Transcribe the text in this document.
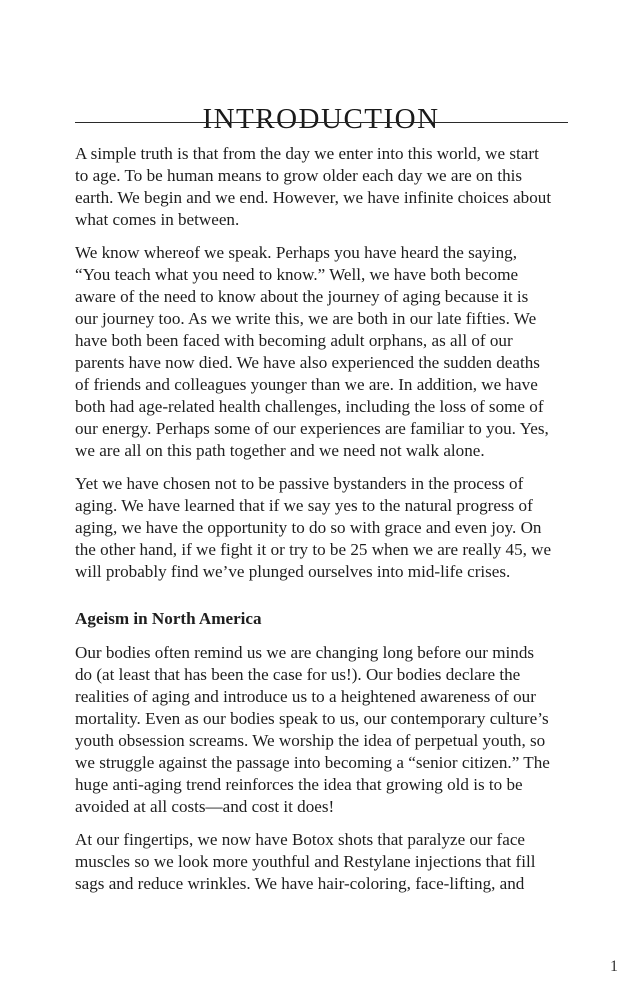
INTRODUCTION

A simple truth is that from the day we enter into this world, we start
to age. To be human means to grow older each day we are on this
earth. We begin and we end. However, we have infinite choices about
what comes in between.

We know whereof we speak. Perhaps you have heard the saying,
“You teach what you need to know.” Well, we have both become
aware of the need to know about the journey of aging because it is
our journey too. As we write this, we are both in our late fifties. We
have both been faced with becoming adult orphans, as all of our
parents have now died. We have also experienced the sudden deaths
of friends and colleagues younger than we are. In addition, we have
both had age-related health challenges, including the loss of some of
our energy. Perhaps some of our experiences are familiar to you. Yes,
we are all on this path together and we need not walk alone.

Yet we have chosen not to be passive bystanders in the process of
aging. We have learned that if we say yes to the natural progress of
aging, we have the opportunity to do so with grace and even joy. On
the other hand, if we fight it or try to be 25 when we are really 45, we
will probably find we’ve plunged ourselves into mid-life crises.

Ageism in North America

Our bodies often remind us we are changing long before our minds
do (at least that has been the case for us!). Our bodies declare the
realities of aging and introduce us to a heightened awareness of our
mortality. Even as our bodies speak to us, our contemporary culture’s
youth obsession screams. We worship the idea of perpetual youth, so
we struggle against the passage into becoming a “senior citizen.” The
huge anti-aging trend reinforces the idea that growing old is to be
avoided at all costs—and cost it does!

At our fingertips, we now have Botox shots that paralyze our face
muscles so we look more youthful and Restylane injections that fill
sags and reduce wrinkles. We have hair-coloring, face-lifting, and

1
